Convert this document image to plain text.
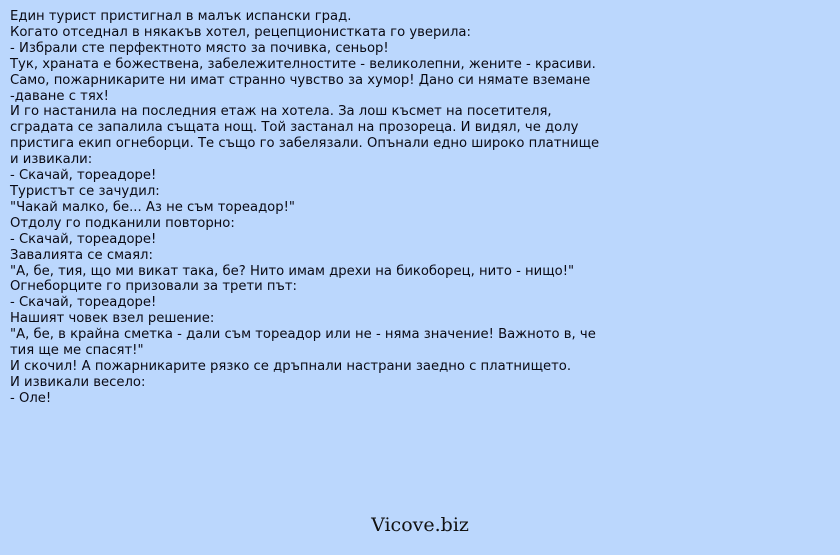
Един турист пристигнал в малък испански град.
Когато отседнал в някакъв хотел, рецепционистката го уверила:
- Избрали сте перфектното място за почивка, сеньор!
Тук, храната е божествена, забележителностите - великолепни, жените - красиви. Само, пожарникарите ни имат странно чувство за хумор! Дано си нямате вземане -даване с тях!
И го настанила на последния етаж на хотела. За лош късмет на посетителя, сградата се запалила същата нощ. Той застанал на прозореца. И видял, че долу пристига екип огнеборци. Те също го забелязали. Опънали едно широко платнище и извикали:
- Скачай, тореадоре!
Туристът се зачудил:
"Чакай малко, бе... Аз не съм тореадор!"
Отдолу го подканили повторно:
- Скачай, тореадоре!
Завалията се смаял:
"А, бе, тия, що ми викат така, бе? Нито имам дрехи на бикоборец, нито - нищо!"
Огнеборците го призовали за трети път:
- Скачай, тореадоре!
Нашият човек взел решение:
"А, бе, в крайна сметка - дали съм тореадор или не - няма значение! Важното в, че тия ще ме спасят!"
И скочил! А пожарникарите рязко се дръпнали настрани заедно с платнището.
И извикали весело:
- Оле!
Vicove.biz
